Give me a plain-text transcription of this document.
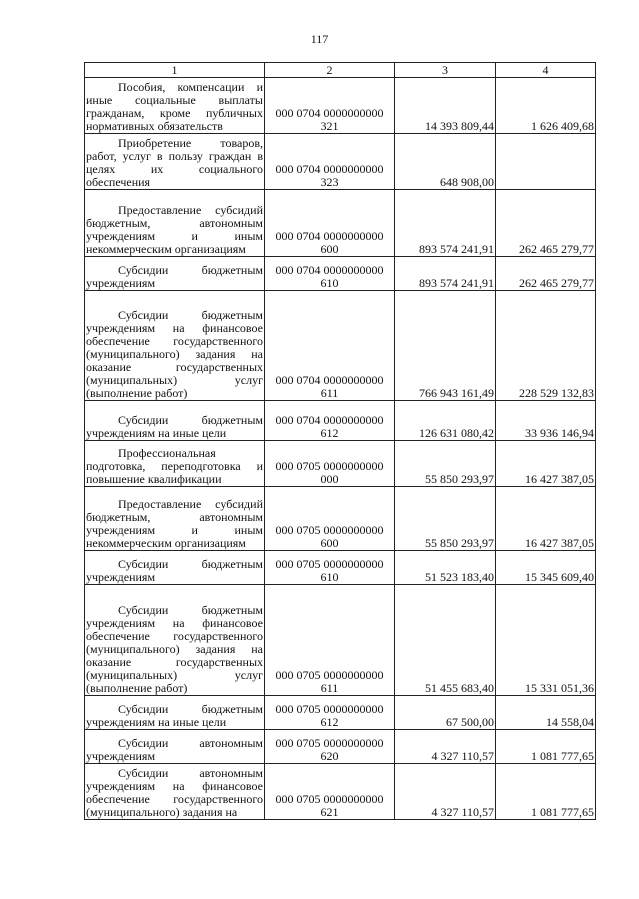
117
1	2	3	4

Пособия, компенсации и иные социальные выплаты гражданам, кроме публичных нормативных обязательств	000 0704 0000000000 321	14 393 809,44	1 626 409,68

Приобретение товаров, работ, услуг в пользу граждан в целях их социального обеспечения	000 0704 0000000000 323	648 908,00	

Предоставление субсидий бюджетным, автономным учреждениям и иным некоммерческим организациям	000 0704 0000000000 600	893 574 241,91	262 465 279,77

Субсидии бюджетным учреждениям	000 0704 0000000000 610	893 574 241,91	262 465 279,77

Субсидии бюджетным учреждениям на финансовое обеспечение государственного (муниципального) задания на оказание государственных (муниципальных) услуг (выполнение работ)	000 0704 0000000000 611	766 943 161,49	228 529 132,83

Субсидии бюджетным учреждениям на иные цели	000 0704 0000000000 612	126 631 080,42	33 936 146,94

Профессиональная подготовка, переподготовка и повышение квалификации	000 0705 0000000000 000	55 850 293,97	16 427 387,05

Предоставление субсидий бюджетным, автономным учреждениям и иным некоммерческим организациям	000 0705 0000000000 600	55 850 293,97	16 427 387,05

Субсидии бюджетным учреждениям	000 0705 0000000000 610	51 523 183,40	15 345 609,40

Субсидии бюджетным учреждениям на финансовое обеспечение государственного (муниципального) задания на оказание государственных (муниципальных) услуг (выполнение работ)	000 0705 0000000000 611	51 455 683,40	15 331 051,36

Субсидии бюджетным учреждениям на иные цели	000 0705 0000000000 612	67 500,00	14 558,04

Субсидии автономным учреждениям	000 0705 0000000000 620	4 327 110,57	1 081 777,65

Субсидии автономным учреждениям на финансовое обеспечение государственного (муниципального) задания на	000 0705 0000000000 621	4 327 110,57	1 081 777,65
